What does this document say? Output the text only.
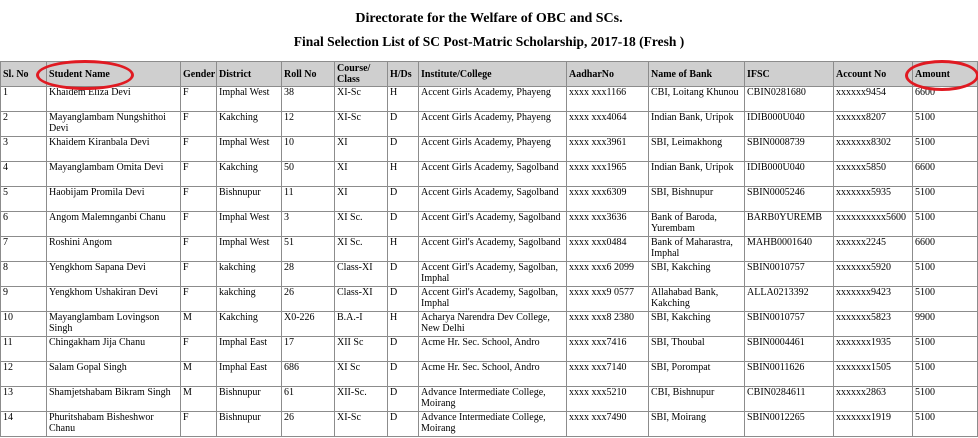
Directorate for the Welfare of OBC and SCs.
Final Selection List of SC Post-Matric Scholarship, 2017-18 (Fresh )
Sl. No	Student Name	Gender	District	Roll No	Course/ Class	H/Ds	Institute/College	AadharNo	Name of Bank	IFSC	Account No	Amount
1	Khaidem Eliza Devi	F	Imphal West	38	XI-Sc	H	Accent Girls Academy, Phayeng	xxxx xxx1166	CBI, Loitang Khunou	CBIN0281680	xxxxxx9454	6600
2	Mayanglambam Nungshithoi Devi	F	Kakching	12	XI-Sc	D	Accent Girls Academy, Phayeng	xxxx xxx4064	Indian Bank, Uripok	IDIB000U040	xxxxxx8207	5100
3	Khaidem Kiranbala Devi	F	Imphal West	10	XI	D	Accent Girls Academy, Phayeng	xxxx xxx3961	SBI, Leimakhong	SBIN0008739	xxxxxxx8302	5100
4	Mayanglambam Omita Devi	F	Kakching	50	XI	H	Accent Girls Academy, Sagolband	xxxx xxx1965	Indian Bank, Uripok	IDIB000U040	xxxxxx5850	6600
5	Haobijam Promila Devi	F	Bishnupur	11	XI	D	Accent Girls Academy, Sagolband	xxxx xxx6309	SBI, Bishnupur	SBIN0005246	xxxxxxx5935	5100
6	Angom Malemnganbi Chanu	F	Imphal West	3	XI Sc.	D	Accent Girl's Academy, Sagolband	xxxx xxx3636	Bank of Baroda, Yurembam	BARB0YUREMB	xxxxxxxxxx5600	5100
7	Roshini Angom	F	Imphal West	51	XI Sc.	H	Accent Girl's Academy, Sagolband	xxxx xxx0484	Bank of Maharastra, Imphal	MAHB0001640	xxxxxx2245	6600
8	Yengkhom Sapana Devi	F	kakching	28	Class-XI	D	Accent Girl's Academy, Sagolban, Imphal	xxxx xxx6 2099	SBI, Kakching	SBIN0010757	xxxxxxx5920	5100
9	Yengkhom Ushakiran Devi	F	kakching	26	Class-XI	D	Accent Girl's Academy, Sagolban, Imphal	xxxx xxx9 0577	Allahabad Bank, Kakching	ALLA0213392	xxxxxxx9423	5100
10	Mayanglambam Lovingson Singh	M	Kakching	X0-226	B.A.-I	H	Acharya Narendra Dev College, New Delhi	xxxx xxx8 2380	SBI, Kakching	SBIN0010757	xxxxxxx5823	9900
11	Chingakham Jija Chanu	F	Imphal East	17	XII Sc	D	Acme Hr. Sec. School, Andro	xxxx xxx7416	SBI, Thoubal	SBIN0004461	xxxxxxx1935	5100
12	Salam Gopal Singh	M	Imphal East	686	XI Sc	D	Acme Hr. Sec. School, Andro	xxxx xxx7140	SBI, Porompat	SBIN0011626	xxxxxxx1505	5100
13	Shamjetshabam Bikram Singh	M	Bishnupur	61	XII-Sc.	D	Advance Intermediate College, Moirang	xxxx xxx5210	CBI, Bishnupur	CBIN0284611	xxxxxx2863	5100
14	Phuritshabam Bisheshwor Chanu	F	Bishnupur	26	XI-Sc	D	Advance Intermediate College, Moirang	xxxx xxx7490	SBI, Moirang	SBIN0012265	xxxxxxx1919	5100
